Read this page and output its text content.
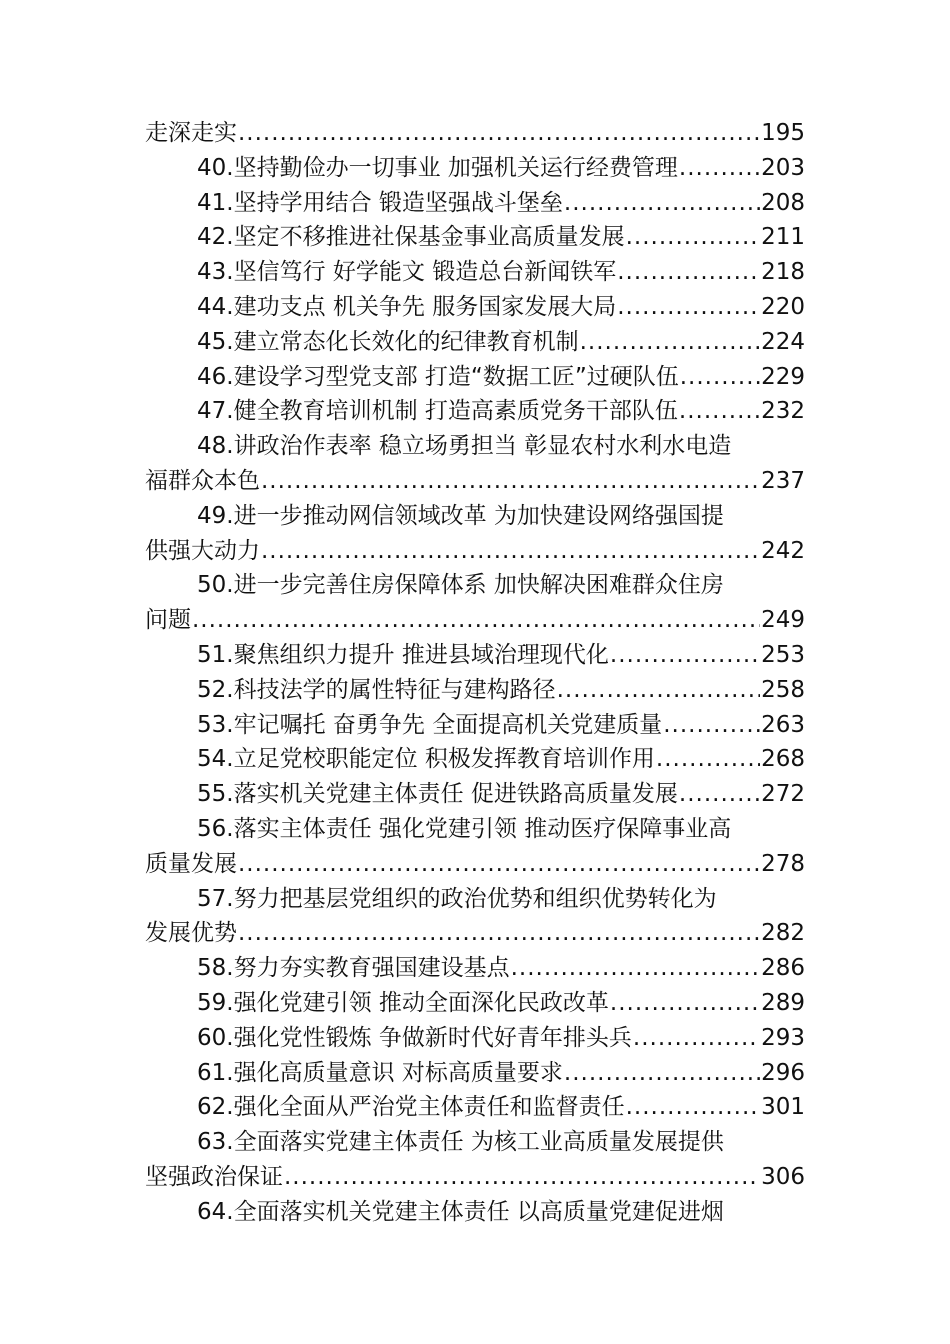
走深走实 .....	195
40 . 坚持勤俭办一切事业 加强机关运行经费管理 .....	203
41 . 坚持学用结合 锻造坚强战斗堡垒 .....	208
42 . 坚定不移推进社保基金事业高质量发展 .....	211
43 . 坚信笃行 好学能文 锻造总台新闻铁军 .....	218
44 . 建功支点 机关争先 服务国家发展大局 .....	220
45 . 建立常态化长效化的纪律教育机制 .....	224
46 . 建设学习型党支部 打造“数据工匠”过硬队伍 .....	229
47 . 健全教育培训机制 打造高素质党务干部队伍 .....	232
48 . 讲政治作表率 稳立场勇担当 彰显农村水利水电造
福群众本色 .....	237
49 . 进一步推动网信领域改革 为加快建设网络强国提
供强大动力 .....	242
50 . 进一步完善住房保障体系 加快解决困难群众住房
问题 .....	249
51 . 聚焦组织力提升 推进县域治理现代化 .....	253
52 . 科技法学的属性特征与建构路径 .....	258
53 . 牢记嘱托 奋勇争先 全面提高机关党建质量 .....	263
54 . 立足党校职能定位 积极发挥教育培训作用 .....	268
55 . 落实机关党建主体责任 促进铁路高质量发展 .....	272
56 . 落实主体责任 强化党建引领 推动医疗保障事业高
质量发展 .....	278
57 . 努力把基层党组织的政治优势和组织优势转化为
发展优势 .....	282
58 . 努力夯实教育强国建设基点 .....	286
59 . 强化党建引领 推动全面深化民政改革 .....	289
60 . 强化党性锻炼 争做新时代好青年排头兵 .....	293
61 . 强化高质量意识 对标高质量要求 .....	296
62 . 强化全面从严治党主体责任和监督责任 .....	301
63 . 全面落实党建主体责任 为核工业高质量发展提供
坚强政治保证 .....	306
64 . 全面落实机关党建主体责任 以高质量党建促进烟
